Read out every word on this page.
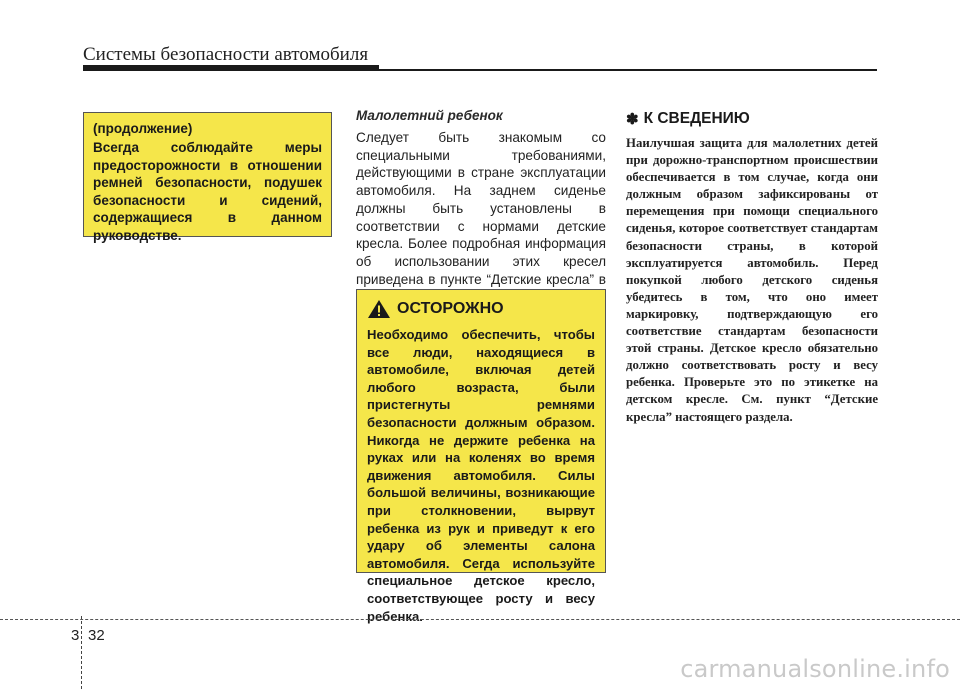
Системы безопасности автомобиля
(продолжение)
Всегда соблюдайте меры предосторожности в отношении ремней безопасности, подушек безопасности и сидений, содержащиеся в данном руководстве.
Малолетний ребенок
Следует быть знакомым со специальными требованиями, действующими в стране эксплуатации автомобиля. На заднем сиденье должны быть установлены в соответствии с нормами детские кресла. Более подробная информация об использовании этих кресел приведена в пункте “Детские кресла” в
ОСТОРОЖНО
Необходимо обеспечить, чтобы все люди, находящиеся в автомобиле, включая детей любого возраста, были пристегнуты ремнями безопасности должным образом. Никогда не держите ребенка на руках или на коленях во время движения автомобиля. Силы большой величины, возникающие при столкновении, вырвут ребенка из рук и приведут к его удару об элементы салона автомобиля. Сегда используйте специальное детское кресло, соответствующее росту и весу ребенка.
✽ К СВЕДЕНИЮ
Наилучшая защита для малолетних детей при дорожно-транспортном происшествии обеспечивается в том случае, когда они должным образом зафиксированы от перемещения при помощи специального сиденья, которое соответствует стандартам безопасности страны, в которой эксплуатируется автомобиль. Перед покупкой любого детского сиденья убедитесь в том, что оно имеет маркировку, подтверждающую его соответствие стандартам безопасности этой страны. Детское кресло обязательно должно соответствовать росту и весу ребенка. Проверьте это по этикетке на детском кресле. См. пункт “Детские кресла” настоящего раздела.
3 32
carmanualsonline.info
